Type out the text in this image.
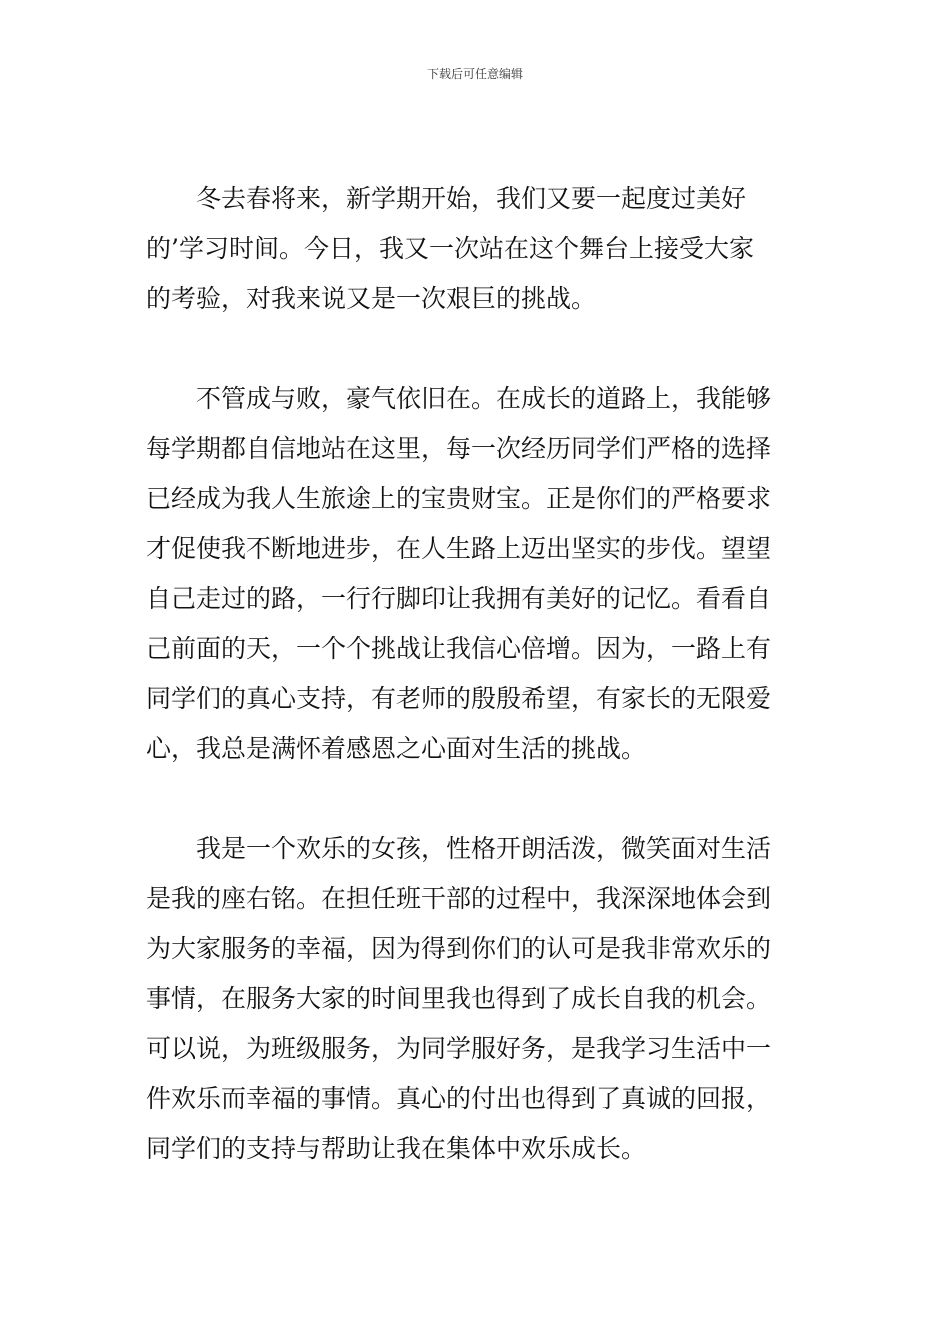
下载后可任意编辑
冬去春将来，新学期开始，我们又要一起度过美好
的’学习时间。今日，我又一次站在这个舞台上接受大家
的考验，对我来说又是一次艰巨的挑战。
不管成与败，豪气依旧在。在成长的道路上，我能够
每学期都自信地站在这里，每一次经历同学们严格的选择
已经成为我人生旅途上的宝贵财宝。正是你们的严格要求
才促使我不断地进步，在人生路上迈出坚实的步伐。望望
自己走过的路，一行行脚印让我拥有美好的记忆。看看自
己前面的天，一个个挑战让我信心倍增。因为，一路上有
同学们的真心支持，有老师的殷殷希望，有家长的无限爱
心，我总是满怀着感恩之心面对生活的挑战。
我是一个欢乐的女孩，性格开朗活泼，微笑面对生活
是我的座右铭。在担任班干部的过程中，我深深地体会到
为大家服务的幸福，因为得到你们的认可是我非常欢乐的
事情，在服务大家的时间里我也得到了成长自我的机会。
可以说，为班级服务，为同学服好务，是我学习生活中一
件欢乐而幸福的事情。真心的付出也得到了真诚的回报，
同学们的支持与帮助让我在集体中欢乐成长。
